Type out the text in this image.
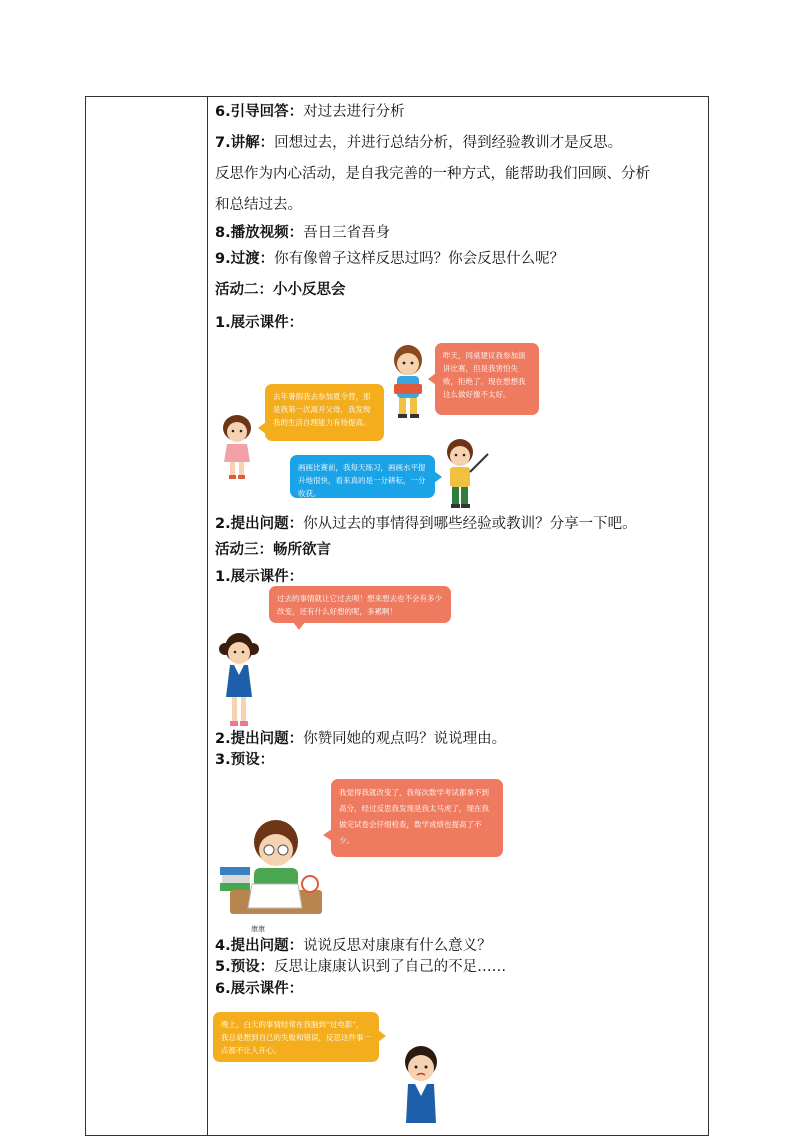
6.引导回答：对过去进行分析
7.讲解：回想过去，并进行总结分析，得到经验教训才是反思。
反思作为内心活动，是自我完善的一种方式，能帮助我们回顾、分析
和总结过去。
8.播放视频：吾日三省吾身
9.过渡：你有像曾子这样反思过吗？你会反思什么呢？
活动二：小小反思会
1.展示课件：
昨天，同桌建议我参加演讲比赛，但是我害怕失败，拒绝了。现在想想我这么做好像不太好。
去年暑假我去参加夏令营，那是我第一次离开父母，我发现我的生活自理能力有待提高。
画画比赛前，我每天练习，画画水平提升地很快，看来真的是一分耕耘，一分收获。
2.提出问题：你从过去的事情得到哪些经验或教训？分享一下吧。
活动三：畅所欲言
1.展示课件：
过去的事情就让它过去呗！想来想去也不会有多少改变，还有什么好想的呢，多累啊！
2.提出问题：你赞同她的观点吗？说说理由。
3.预设：
我觉得我就改变了，我每次数学考试都拿不到高分，经过反思我发现是我太马虎了，现在我做完试卷会仔细检查，数学成绩也提高了不少。
康康
4.提出问题：说说反思对康康有什么意义？
5.预设：反思让康康认识到了自己的不足……
6.展示课件：
晚上，白天的事情经常在我脑到“过电影”，我总是想到自己的失败和错误，反思这件事一点都不让人开心。
